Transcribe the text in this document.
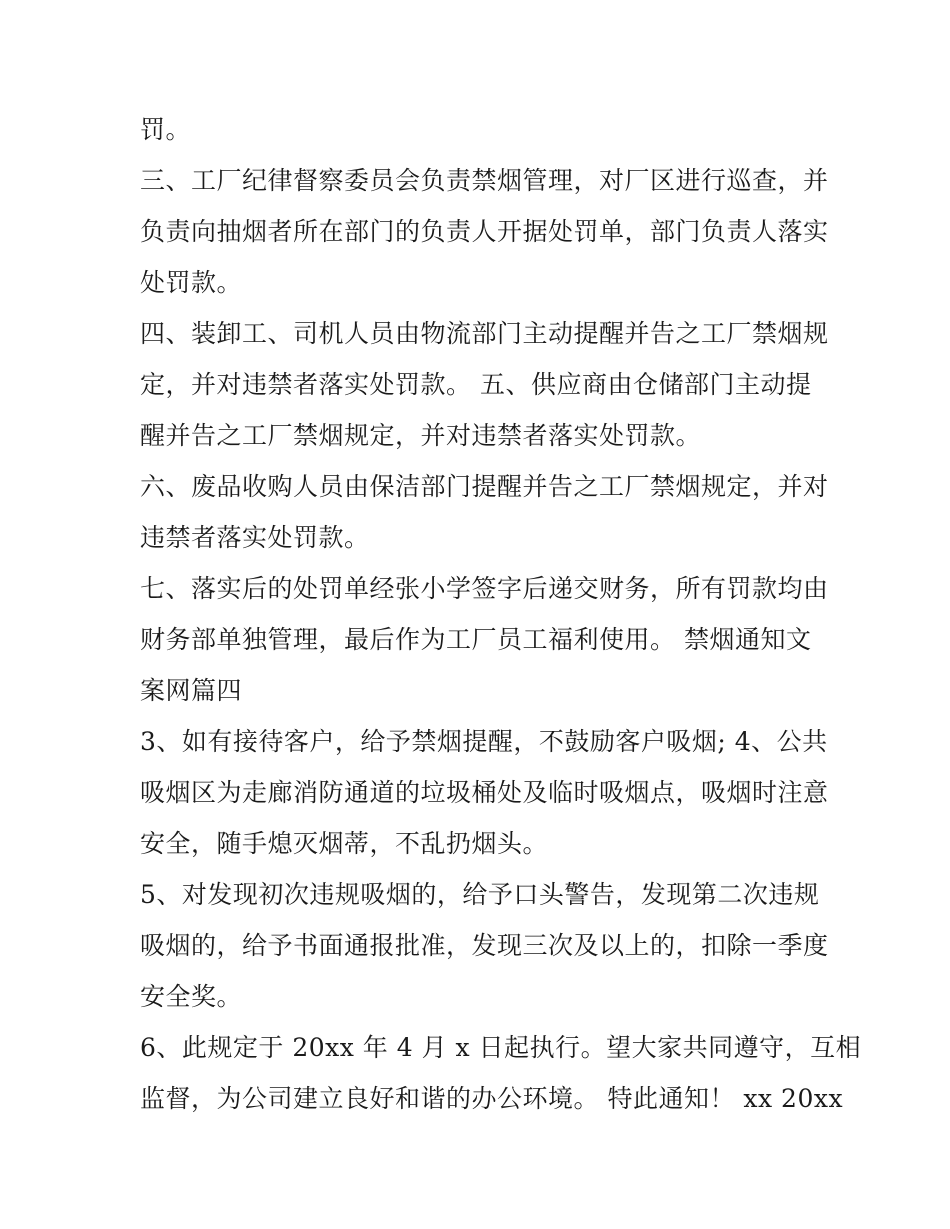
罚。
三、工厂纪律督察委员会负责禁烟管理，对厂区进行巡查，并
负责向抽烟者所在部门的负责人开据处罚单，部门负责人落实
处罚款。
四、装卸工、司机人员由物流部门主动提醒并告之工厂禁烟规
定，并对违禁者落实处罚款。 五、供应商由仓储部门主动提
醒并告之工厂禁烟规定，并对违禁者落实处罚款。
六、废品收购人员由保洁部门提醒并告之工厂禁烟规定，并对
违禁者落实处罚款。
七、落实后的处罚单经张小学签字后递交财务，所有罚款均由
财务部单独管理，最后作为工厂员工福利使用。 禁烟通知文
案网篇四
3、如有接待客户，给予禁烟提醒，不鼓励客户吸烟; 4、公共
吸烟区为走廊消防通道的垃圾桶处及临时吸烟点，吸烟时注意
安全，随手熄灭烟蒂，不乱扔烟头。
5、对发现初次违规吸烟的，给予口头警告，发现第二次违规
吸烟的，给予书面通报批准，发现三次及以上的，扣除一季度
安全奖。
6、此规定于 20xx 年 4 月 x 日起执行。望大家共同遵守，互相
监督，为公司建立良好和谐的办公环境。 特此通知！ xx 20xx
